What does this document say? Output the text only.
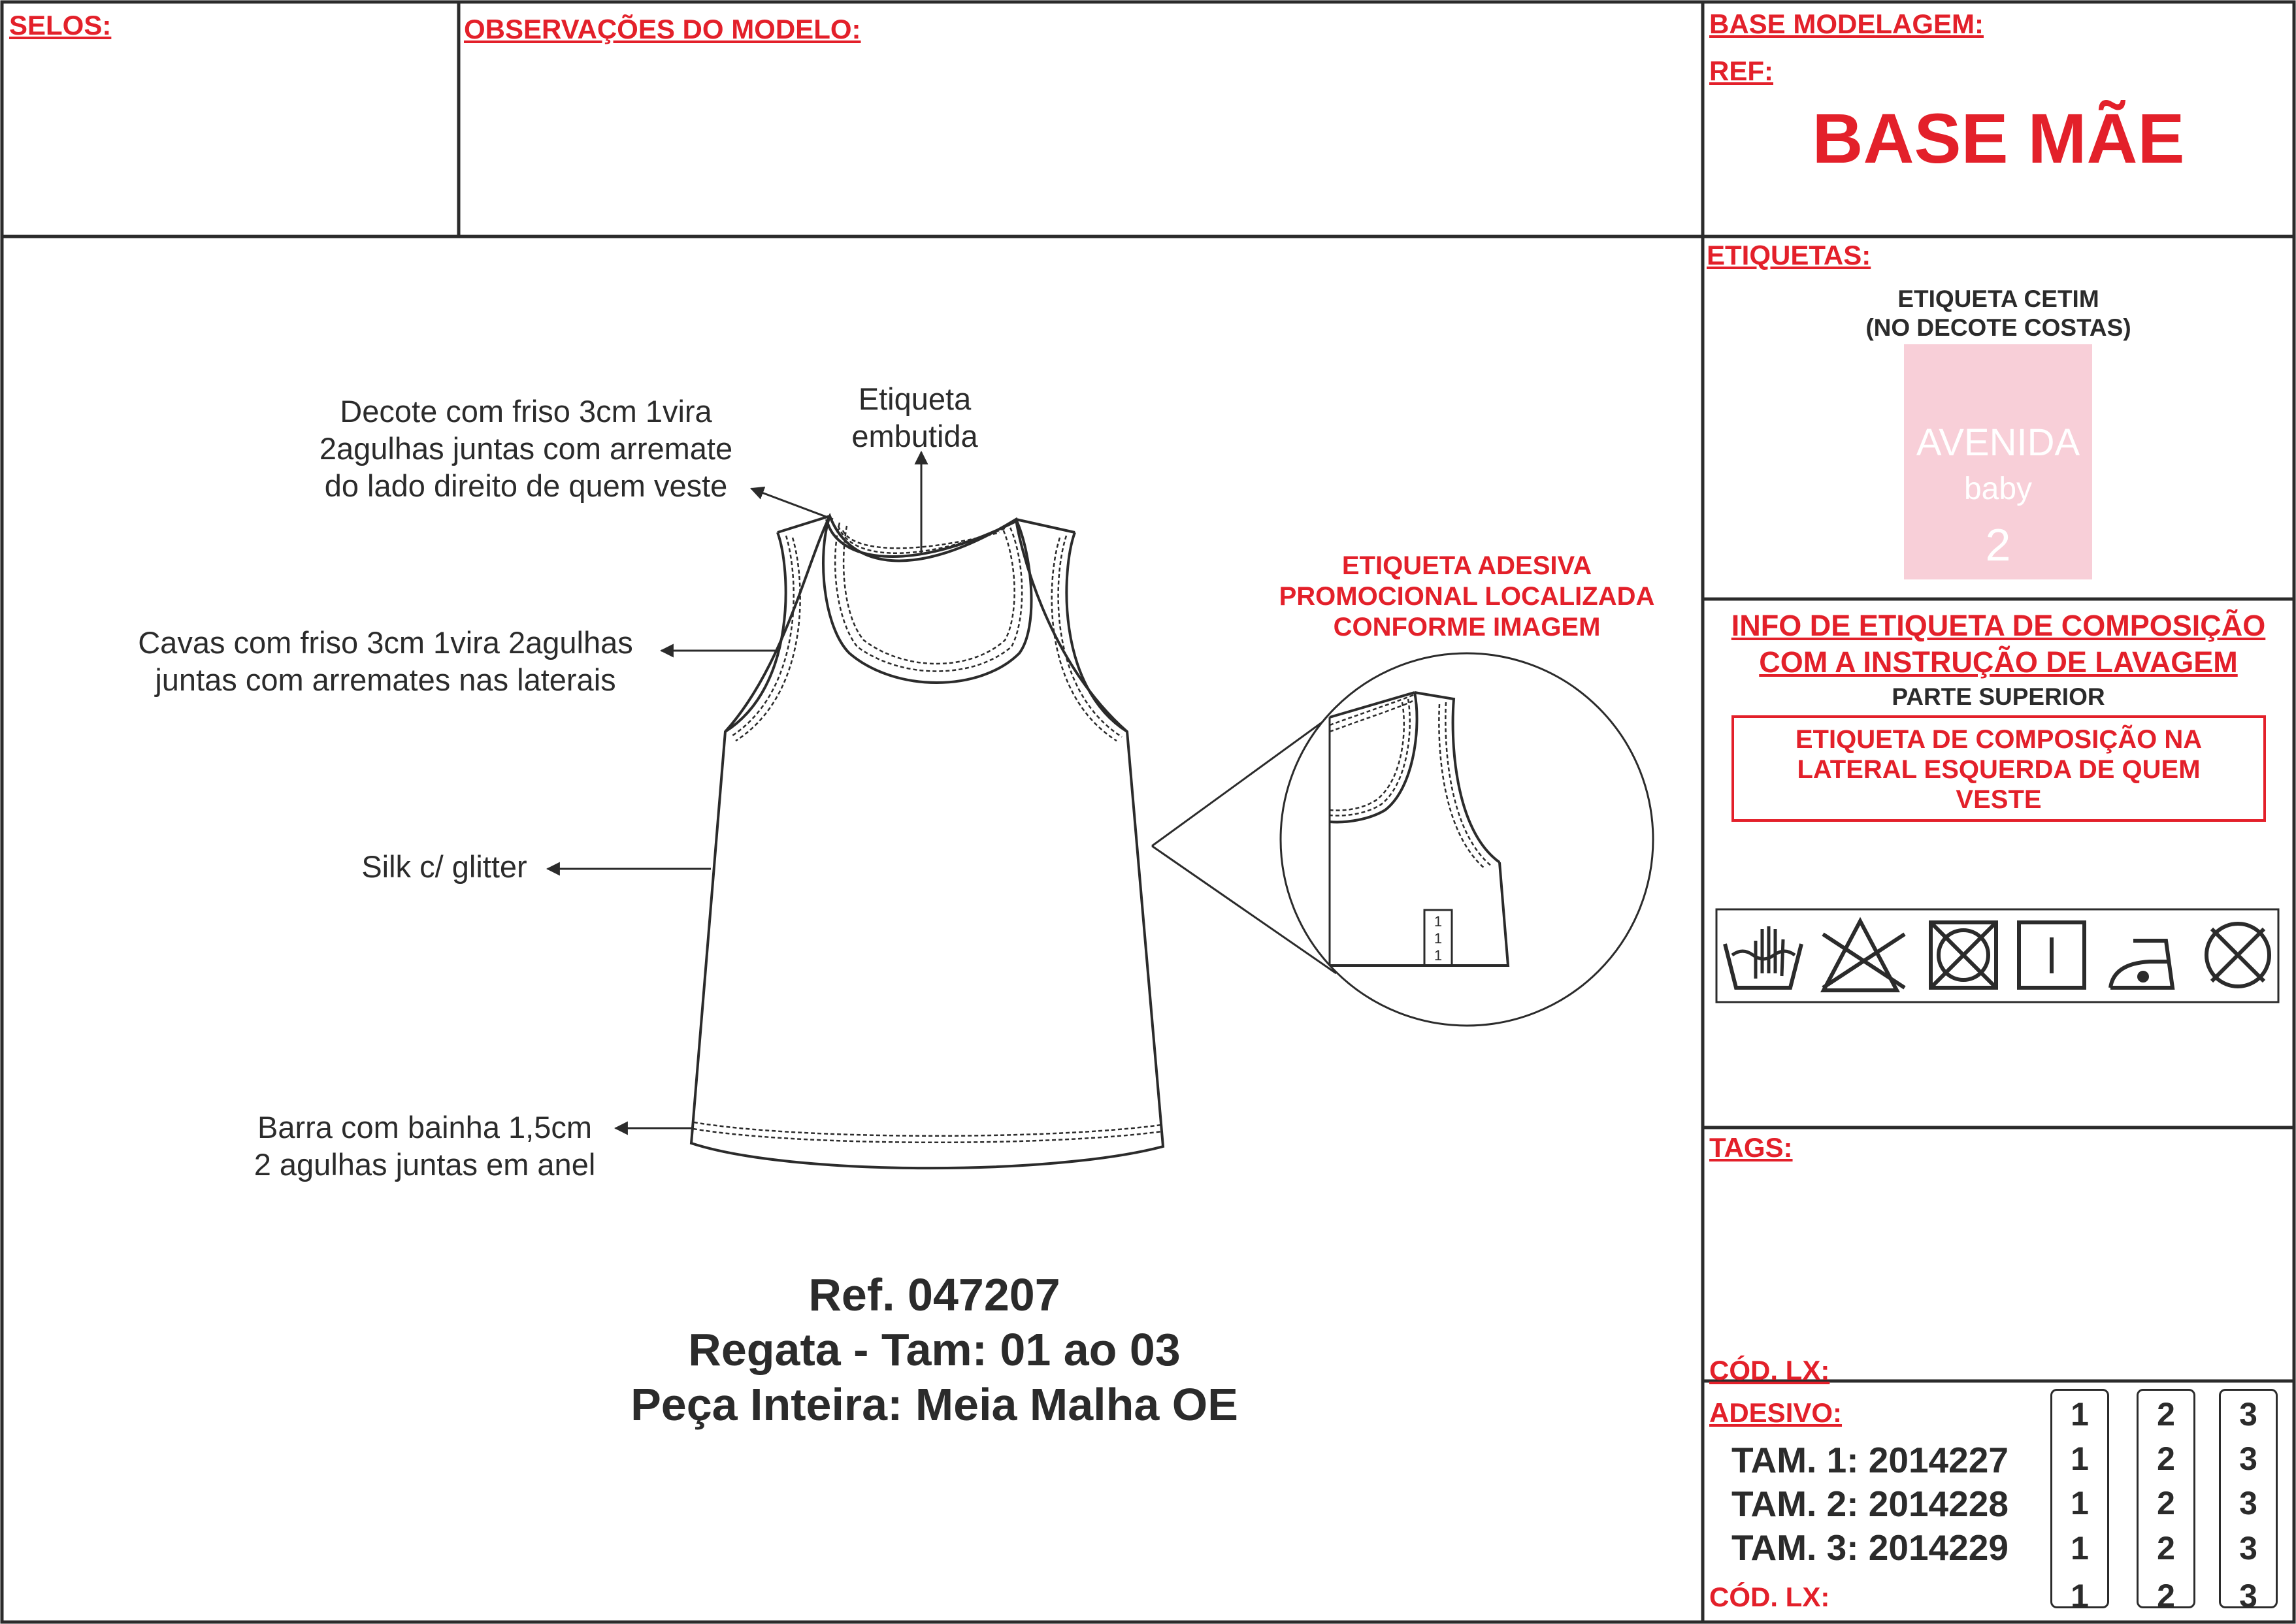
SELOS:	OBSERVAÇÕES DO MODELO:	BASE MODELAGEM:
REF:
BASE MÃE
Decote com friso 3cm 1vira
2agulhas juntas com arremate
do lado direito de quem veste
Etiqueta
embutida
Cavas com friso 3cm 1vira 2agulhas
juntas com arremates nas laterais
Silk c/ glitter
Barra com bainha 1,5cm
2 agulhas juntas em anel
ETIQUETA ADESIVA
PROMOCIONAL LOCALIZADA
CONFORME IMAGEM
1
1
1
Ref. 047207
Regata - Tam: 01 ao 03
Peça Inteira: Meia Malha OE
ETIQUETAS:
ETIQUETA CETIM
(NO DECOTE COSTAS)
AVENIDA
baby
2
INFO DE ETIQUETA DE COMPOSIÇÃO
COM A INSTRUÇÃO DE LAVAGEM
PARTE SUPERIOR
ETIQUETA DE COMPOSIÇÃO NA
LATERAL ESQUERDA DE QUEM
VESTE
TAGS:
CÓD. LX:
ADESIVO:
TAM. 1: 2014227
TAM. 2: 2014228
TAM. 3: 2014229
CÓD. LX:
1
1
1
1
1
2
2
2
2
2
3
3
3
3
3
